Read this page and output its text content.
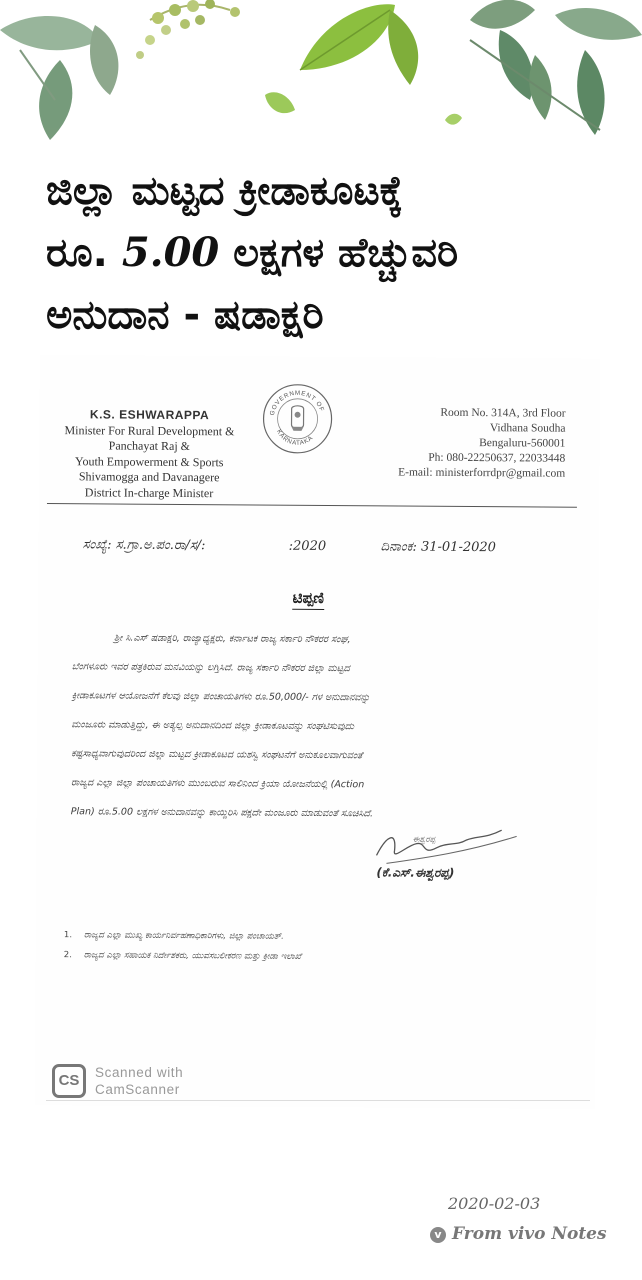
ಜಿಲ್ಲಾ ಮಟ್ಟದ ಕ್ರೀಡಾಕೂಟಕ್ಕೆ
ರೂ. 5.00 ಲಕ್ಷಗಳ ಹೆಚ್ಚುವರಿ
ಅನುದಾನ - ಷಡಾಕ್ಷರಿ
K.S. ESHWARAPPA
Minister For Rural Development &
Panchayat Raj &
Youth Empowerment & Sports
Shivamogga and Davanagere
District In-charge Minister
GOVERNMENT OF
KARNATAKA
Room No. 314A, 3rd Floor
Vidhana Soudha
Bengaluru-560001
Ph: 080-22250637, 22033448
E-mail: ministerforrdpr@gmail.com
ಸಂಖ್ಯೆ: ಸ.ಗ್ರಾ.ಅ.ಪಂ.ರಾ/ಸ/:	:2020	ದಿನಾಂಕ: 31-01-2020
ಟಿಪ್ಪಣಿ
ಶ್ರೀ ಸಿ.ಎಸ್ ಷಡಾಕ್ಷರಿ, ರಾಜ್ಯಾಧ್ಯಕ್ಷರು, ಕರ್ನಾಟಕ ರಾಜ್ಯ ಸರ್ಕಾರಿ ನೌಕರರ ಸಂಘ,
ಬೆಂಗಳೂರು ಇವರ ಪತ್ರಕಿರುವ ಮನವಿಯನ್ನು ಲಗ್ತಿಸಿದೆ. ರಾಜ್ಯ ಸರ್ಕಾರಿ ನೌಕರರ ಜಿಲ್ಲಾ ಮಟ್ಟದ
ಕ್ರೀಡಾಕೂಟಗಳ ಆಯೋಜನೆಗೆ ಕೆಲವು ಜಿಲ್ಲಾ ಪಂಚಾಯತಿಗಳು ರೂ.50,000/- ಗಳ ಅನುದಾನವನ್ನು
ಮಂಜೂರು ಮಾಡುತ್ತಿದ್ದು, ಈ ಅತ್ಯಲ್ಪ ಅನುದಾನದಿಂದ ಜಿಲ್ಲಾ ಕ್ರೀಡಾಕೂಟವನ್ನು ಸಂಘಟಿಸುವುದು
ಕಷ್ಟಸಾಧ್ಯವಾಗುವುದರಿಂದ ಜಿಲ್ಲಾ ಮಟ್ಟದ ಕ್ರೀಡಾಕೂಟದ ಯಶಸ್ವಿ ಸಂಘಟನೆಗೆ ಅನುಕೂಲವಾಗುವಂತೆ
ರಾಜ್ಯದ ಎಲ್ಲಾ ಜಿಲ್ಲಾ ಪಂಚಾಯತಿಗಳು ಮುಂಬರುವ ಸಾಲಿನಿಂದ ಕ್ರಿಯಾ ಯೋಜನೆಯಲ್ಲಿ (Action
Plan) ರೂ.5.00 ಲಕ್ಷಗಳ ಅನುದಾನವನ್ನು ಕಾಯ್ದಿರಿಸಿ ಪಕ್ಷದೇ ಮಂಜೂರು ಮಾಡುವಂತೆ ಸೂಚಿಸಿದೆ.
ಈಶ್ವರಪ್ಪ
(ಕೆ.ಎಸ್.ಈಶ್ವರಪ್ಪ)
1. ರಾಜ್ಯದ ಎಲ್ಲಾ ಮುಖ್ಯ ಕಾರ್ಯನಿರ್ವಹಣಾಧಿಕಾರಿಗಳು, ಜಿಲ್ಲಾ ಪಂಚಾಯತ್.
2. ರಾಜ್ಯದ ಎಲ್ಲಾ ಸಹಾಯಕ ನಿರ್ದೇಶಕರು, ಯುವಸಬಲೀಕರಣ ಮತ್ತು ಕ್ರೀಡಾ ಇಲಾಖೆ
CS	Scanned with
CamScanner
2020-02-03
v From vivo Notes
